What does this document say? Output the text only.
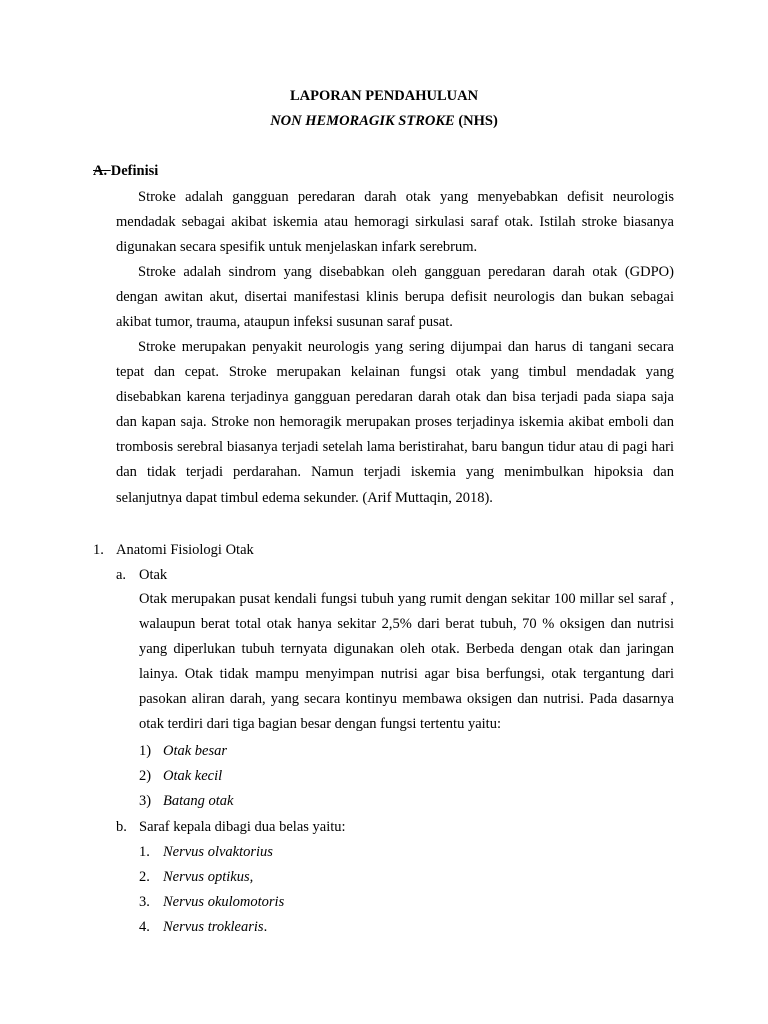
LAPORAN PENDAHULUAN
NON HEMORAGIK STROKE (NHS)
A. Definisi

Stroke adalah gangguan peredaran darah otak yang menyebabkan defisit neurologis mendadak sebagai akibat iskemia atau hemoragi sirkulasi saraf otak. Istilah stroke biasanya digunakan secara spesifik untuk menjelaskan infark serebrum.

Stroke adalah sindrom yang disebabkan oleh gangguan peredaran darah otak (GDPO) dengan awitan akut, disertai manifestasi klinis berupa defisit neurologis dan bukan sebagai akibat tumor, trauma, ataupun infeksi susunan saraf pusat.

Stroke merupakan penyakit neurologis yang sering dijumpai dan harus di tangani secara tepat dan cepat. Stroke merupakan kelainan fungsi otak yang timbul mendadak yang disebabkan karena terjadinya gangguan peredaran darah otak dan bisa terjadi pada siapa saja dan kapan saja. Stroke non hemoragik merupakan proses terjadinya iskemia akibat emboli dan trombosis serebral biasanya terjadi setelah lama beristirahat, baru bangun tidur atau di pagi hari dan tidak terjadi perdarahan. Namun terjadi iskemia yang menimbulkan hipoksia dan selanjutnya dapat timbul edema sekunder. (Arif Muttaqin, 2018).

1. Anatomi Fisiologi Otak
a. Otak

Otak merupakan pusat kendali fungsi tubuh yang rumit dengan sekitar 100 millar sel saraf , walaupun berat total otak hanya sekitar 2,5% dari berat tubuh, 70 % oksigen dan nutrisi yang diperlukan tubuh ternyata digunakan oleh otak. Berbeda dengan otak dan jaringan lainya. Otak tidak mampu menyimpan nutrisi agar bisa berfungsi, otak tergantung dari pasokan aliran darah, yang secara kontinyu membawa oksigen dan nutrisi. Pada dasarnya otak terdiri dari tiga bagian besar dengan fungsi tertentu yaitu:

1) Otak besar
2) Otak kecil
3) Batang otak
b. Saraf kepala dibagi dua belas yaitu:
1. Nervus olvaktorius
2. Nervus optikus,
3. Nervus okulomotoris
4. Nervus troklearis.
